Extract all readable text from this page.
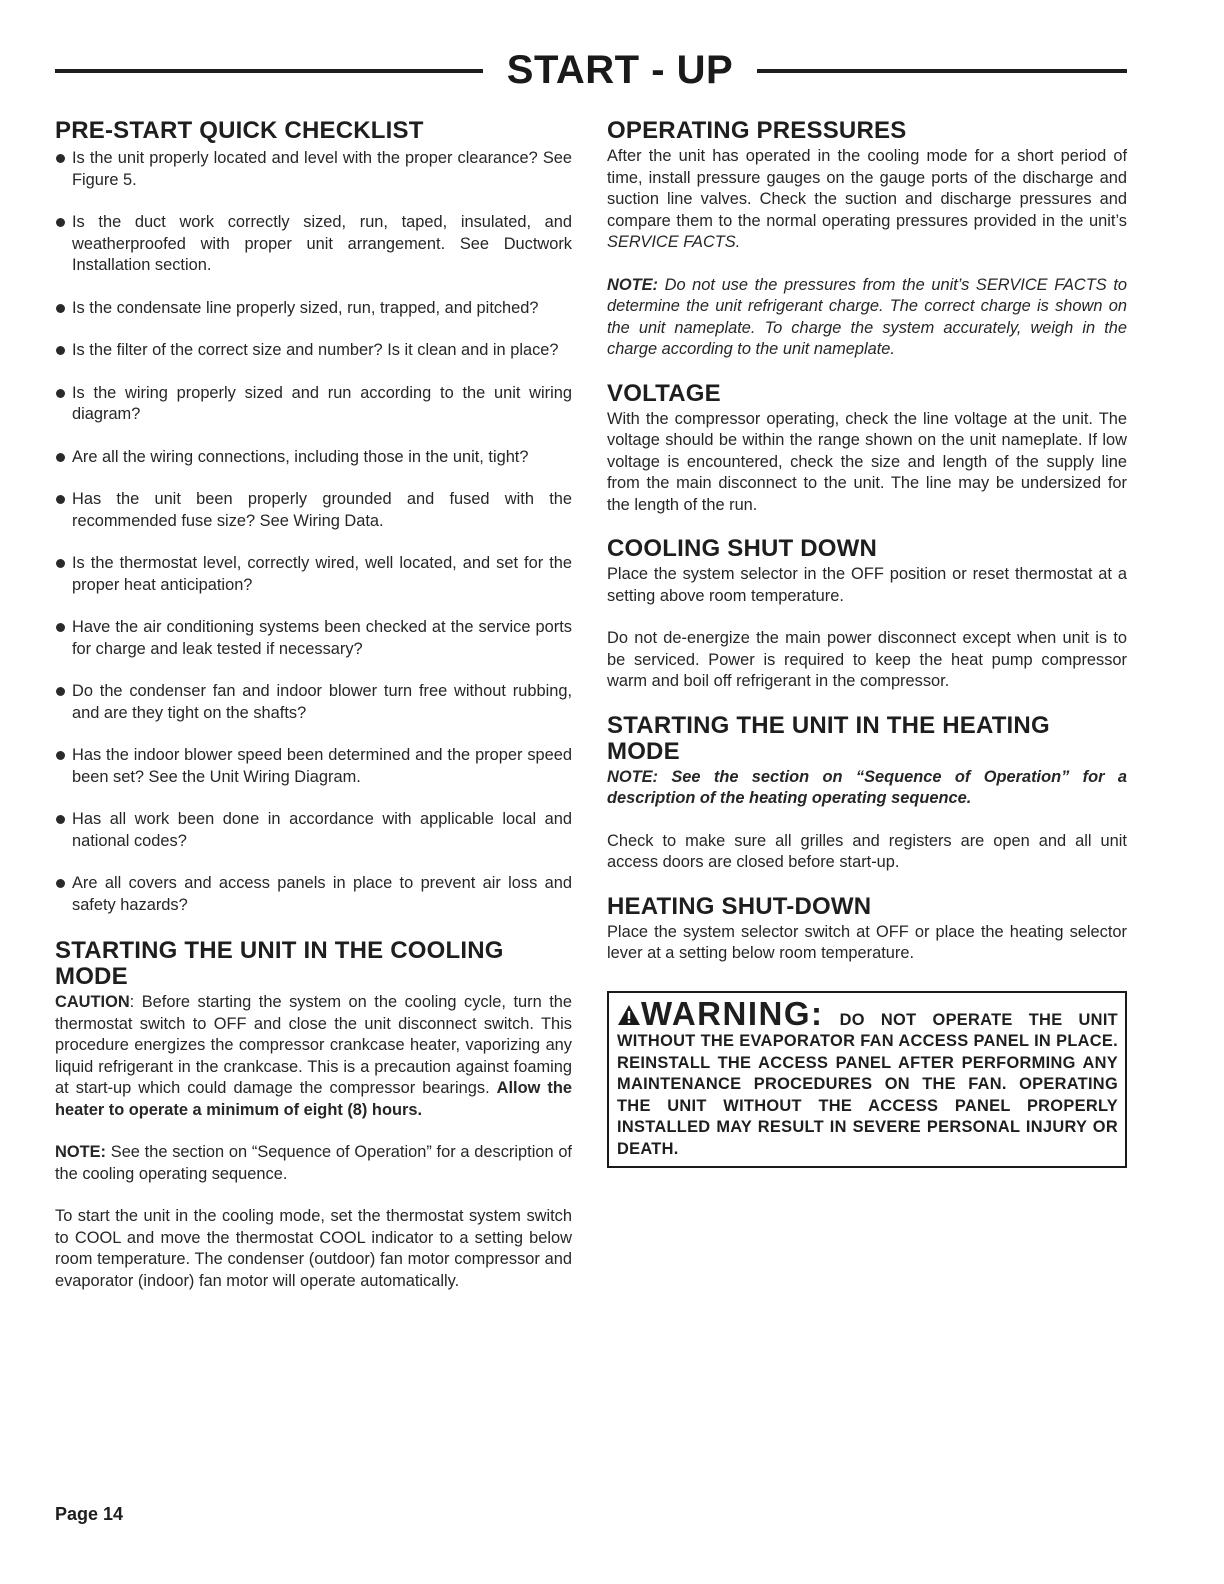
START - UP
PRE-START QUICK CHECKLIST
Is the unit properly located and level with the proper clearance? See Figure 5.
Is the duct work correctly sized, run, taped, insulated, and weatherproofed with proper unit arrangement. See Ductwork Installation section.
Is the condensate line properly sized, run, trapped, and pitched?
Is the filter of the correct size and number? Is it clean and in place?
Is the wiring properly sized and run according to the unit wiring diagram?
Are all the wiring connections, including those in the unit, tight?
Has the unit been properly grounded and fused with the recommended fuse size? See Wiring Data.
Is the thermostat level, correctly wired, well located, and set for the proper heat anticipation?
Have the air conditioning systems been checked at the service ports for charge and leak tested if necessary?
Do the condenser fan and indoor blower turn free without rubbing, and are they tight on the shafts?
Has the indoor blower speed been determined and the proper speed been set? See the Unit Wiring Diagram.
Has all work been done in accordance with applicable local and national codes?
Are all covers and access panels in place to prevent air loss and safety hazards?
STARTING THE UNIT IN THE COOLING MODE

CAUTION: Before starting the system on the cooling cycle, turn the thermostat switch to OFF and close the unit disconnect switch. This procedure energizes the compressor crankcase heater, vaporizing any liquid refrigerant in the crankcase. This is a precaution against foaming at start-up which could damage the compressor bearings. Allow the heater to operate a minimum of eight (8) hours.

NOTE: See the section on “Sequence of Operation” for a description of the cooling operating sequence.

To start the unit in the cooling mode, set the thermostat system switch to COOL and move the thermostat COOL indicator to a setting below room temperature. The condenser (outdoor) fan motor compressor and evaporator (indoor) fan motor will operate automatically.

OPERATING PRESSURES

After the unit has operated in the cooling mode for a short period of time, install pressure gauges on the gauge ports of the discharge and suction line valves. Check the suction and discharge pressures and compare them to the normal operating pressures provided in the unit’s SERVICE FACTS.

NOTE: Do not use the pressures from the unit’s SERVICE FACTS to determine the unit refrigerant charge. The correct charge is shown on the unit nameplate. To charge the system accurately, weigh in the charge according to the unit nameplate.

VOLTAGE

With the compressor operating, check the line voltage at the unit. The voltage should be within the range shown on the unit nameplate. If low voltage is encountered, check the size and length of the supply line from the main disconnect to the unit. The line may be undersized for the length of the run.

COOLING SHUT DOWN

Place the system selector in the OFF position or reset thermostat at a setting above room temperature.

Do not de-energize the main power disconnect except when unit is to be serviced. Power is required to keep the heat pump compressor warm and boil off refrigerant in the compressor.

STARTING THE UNIT IN THE HEATING MODE

NOTE: See the section on “Sequence of Operation” for a description of the heating operating sequence.

Check to make sure all grilles and registers are open and all unit access doors are closed before start-up.

HEATING SHUT-DOWN

Place the system selector switch at OFF or place the heating selector lever at a setting below room temperature.

WARNING: DO NOT OPERATE THE UNIT WITHOUT THE EVAPORATOR FAN ACCESS PANEL IN PLACE. REINSTALL THE ACCESS PANEL AFTER PERFORMING ANY MAINTENANCE PROCEDURES ON THE FAN. OPERATING THE UNIT WITHOUT THE ACCESS PANEL PROPERLY INSTALLED MAY RESULT IN SEVERE PERSONAL INJURY OR DEATH.
Page 14
